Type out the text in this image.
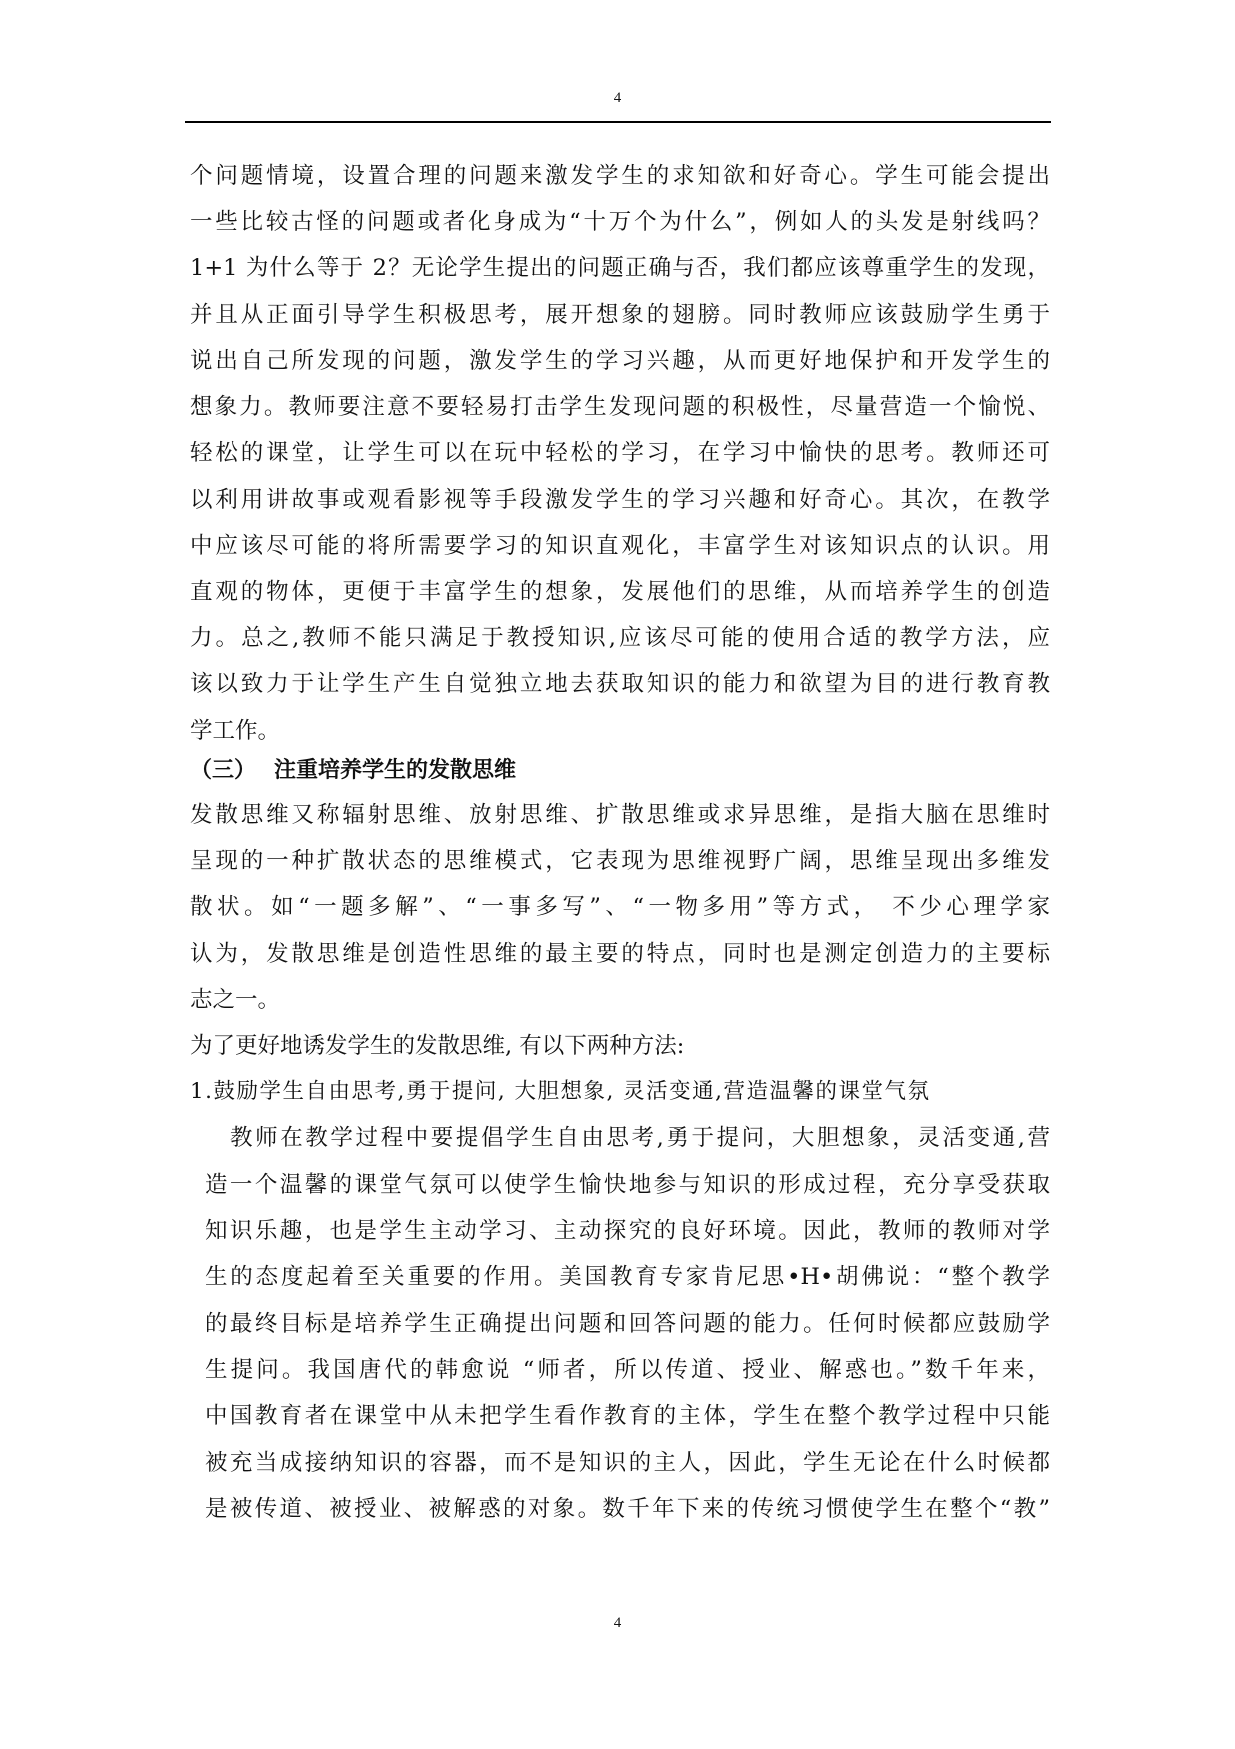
4
个问题情境，设置合理的问题来激发学生的求知欲和好奇心。学生可能会提出
一些比较古怪的问题或者化身成为“十万个为什么”，例如人的头发是射线吗？
1+1 为什么等于 2？无论学生提出的问题正确与否，我们都应该尊重学生的发现，
并且从正面引导学生积极思考，展开想象的翅膀。同时教师应该鼓励学生勇于
说出自己所发现的问题，激发学生的学习兴趣，从而更好地保护和开发学生的
想象力。教师要注意不要轻易打击学生发现问题的积极性，尽量营造一个愉悦、
轻松的课堂，让学生可以在玩中轻松的学习，在学习中愉快的思考。教师还可
以利用讲故事或观看影视等手段激发学生的学习兴趣和好奇心。其次，在教学
中应该尽可能的将所需要学习的知识直观化，丰富学生对该知识点的认识。用
直观的物体，更便于丰富学生的想象，发展他们的思维，从而培养学生的创造
力。总之,教师不能只满足于教授知识,应该尽可能的使用合适的教学方法，应
该以致力于让学生产生自觉独立地去获取知识的能力和欲望为目的进行教育教
学工作。
（三） 注重培养学生的发散思维
发散思维又称辐射思维、放射思维、扩散思维或求异思维，是指大脑在思维时
呈现的一种扩散状态的思维模式，它表现为思维视野广阔，思维呈现出多维发
散状。如“一题多解”、“一事多写”、“一物多用”等方式， 不少心理学家
认为，发散思维是创造性思维的最主要的特点，同时也是测定创造力的主要标
志之一。
为了更好地诱发学生的发散思维, 有以下两种方法:
1.鼓励学生自由思考,勇于提问, 大胆想象, 灵活变通,营造温馨的课堂气氛
教师在教学过程中要提倡学生自由思考,勇于提问，大胆想象，灵活变通,营
造一个温馨的课堂气氛可以使学生愉快地参与知识的形成过程，充分享受获取
知识乐趣，也是学生主动学习、主动探究的良好环境。因此，教师的教师对学
生的态度起着至关重要的作用。美国教育专家肯尼思•H•胡佛说：“整个教学
的最终目标是培养学生正确提出问题和回答问题的能力。任何时候都应鼓励学
生提问。我国唐代的韩愈说 “师者，所以传道、授业、解惑也。”数千年来，
中国教育者在课堂中从未把学生看作教育的主体，学生在整个教学过程中只能
被充当成接纳知识的容器，而不是知识的主人，因此，学生无论在什么时候都
是被传道、被授业、被解惑的对象。数千年下来的传统习惯使学生在整个“教”
4
